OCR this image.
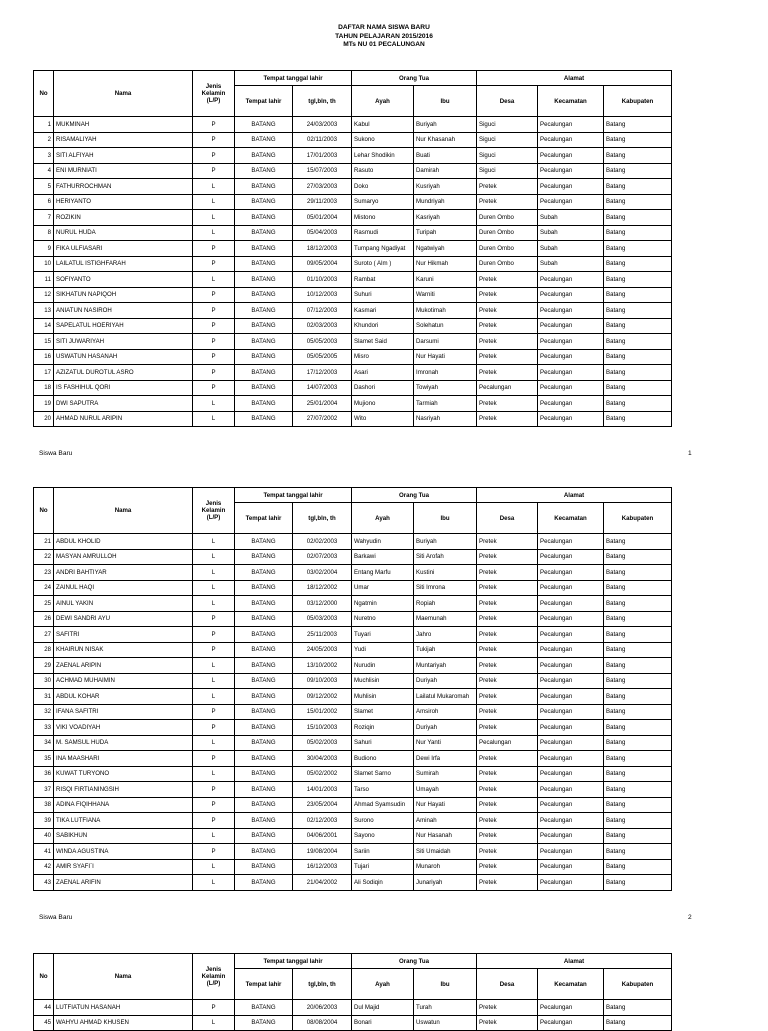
DAFTAR NAMA SISWA BARU
TAHUN PELAJARAN 2015/2016
MTs NU 01 PECALUNGAN
No	Nama	Jenis Kelamin (L/P)	Tempat tanggal lahir		Orang Tua		Alamat		
			Tempat lahir	tgl,bln, th	Ayah	Ibu	Desa	Kecamatan	Kabupaten
1	MUKMINAH	P	BATANG	24/03/2003	Kabul	Buriyah	Siguci	Pecalungan	Batang
2	RISAMALIYAH	P	BATANG	02/11/2003	Sukono	Nur Khasanah	Siguci	Pecalungan	Batang
3	SITI ALFIYAH	P	BATANG	17/01/2003	Lehar Shodikin	Buati	Siguci	Pecalungan	Batang
4	ENI MURNIATI	P	BATANG	15/07/2003	Rasuto	Damirah	Siguci	Pecalungan	Batang
5	FATHURROCHMAN	L	BATANG	27/03/2003	Doko	Kusriyah	Pretek	Pecalungan	Batang
6	HERIYANTO	L	BATANG	29/11/2003	Sumaryo	Mundriyah	Pretek	Pecalungan	Batang
7	ROZIKIN	L	BATANG	05/01/2004	Mistono	Kasriyah	Duren Ombo	Subah	Batang
8	NURUL HUDA	L	BATANG	05/04/2003	Rasmudi	Turipah	Duren Ombo	Subah	Batang
9	FIKA ULFIASARI	P	BATANG	18/12/2003	Tumpang Ngadiyat	Ngatwiyah	Duren Ombo	Subah	Batang
10	LAILATUL ISTIGHFARAH	P	BATANG	09/05/2004	Suroto ( Alm )	Nur Hikmah	Duren Ombo	Subah	Batang
11	SOFIYANTO	L	BATANG	01/10/2003	Rambat	Karuni	Pretek	Pecalungan	Batang
12	SIKHATUN NAPIQOH	P	BATANG	10/12/2003	Suhuri	Warniti	Pretek	Pecalungan	Batang
13	ANIATUN NASIROH	P	BATANG	07/12/2003	Kasmari	Mukotimah	Pretek	Pecalungan	Batang
14	SAPELATUL HOERIYAH	P	BATANG	02/03/2003	Khundori	Solehatun	Pretek	Pecalungan	Batang
15	SITI JUWARIYAH	P	BATANG	05/05/2003	Slamet Said	Darsumi	Pretek	Pecalungan	Batang
16	USWATUN HASANAH	P	BATANG	05/05/2005	Misro	Nur Hayati	Pretek	Pecalungan	Batang
17	AZIZATUL DUROTUL ASRO	P	BATANG	17/12/2003	Asari	Imronah	Pretek	Pecalungan	Batang
18	IS FASHIHUL QORI	P	BATANG	14/07/2003	Dashori	Towiyah	Pecalungan	Pecalungan	Batang
19	DWI SAPUTRA	L	BATANG	25/01/2004	Mujiono	Tarmiah	Pretek	Pecalungan	Batang
20	AHMAD NURUL ARIPIN	L	BATANG	27/07/2002	Wito	Nasriyah	Pretek	Pecalungan	Batang
Siswa Baru	1
No	Nama	Jenis Kelamin (L/P)	Tempat tanggal lahir		Orang Tua		Alamat		
			Tempat lahir	tgl,bln, th	Ayah	Ibu	Desa	Kecamatan	Kabupaten
21	ABDUL KHOLID	L	BATANG	02/02/2003	Wahyudin	Buriyah	Pretek	Pecalungan	Batang
22	MASYAN AMRULLOH	L	BATANG	02/07/2003	Barkawi	Siti Arofah	Pretek	Pecalungan	Batang
23	ANDRI BAHTIYAR	L	BATANG	03/02/2004	Entang Marfu	Kustini	Pretek	Pecalungan	Batang
24	ZAINUL HAQI	L	BATANG	18/12/2002	Umar	Siti Imrona	Pretek	Pecalungan	Batang
25	AINUL YAKIN	L	BATANG	03/12/2000	Ngatmin	Ropiah	Pretek	Pecalungan	Batang
26	DEWI SANDRI AYU	P	BATANG	05/03/2003	Nuretno	Maemunah	Pretek	Pecalungan	Batang
27	SAFITRI	P	BATANG	25/11/2003	Tuyari	Jahro	Pretek	Pecalungan	Batang
28	KHAIRUN NISAK	P	BATANG	24/05/2003	Yudi	Tukijah	Pretek	Pecalungan	Batang
29	ZAENAL ARIPIN	L	BATANG	13/10/2002	Nurudin	Muntariyah	Pretek	Pecalungan	Batang
30	ACHMAD MUHAIMIN	L	BATANG	09/10/2003	Muchlisin	Duriyah	Pretek	Pecalungan	Batang
31	ABDUL KOHAR	L	BATANG	09/12/2002	Muhlisin	Lailatul Mukaromah	Pretek	Pecalungan	Batang
32	IFANA SAFITRI	P	BATANG	15/01/2002	Slamet	Amsiroh	Pretek	Pecalungan	Batang
33	VIKI VOADIYAH	P	BATANG	15/10/2003	Roziqin	Duriyah	Pretek	Pecalungan	Batang
34	M. SAMSUL HUDA	L	BATANG	05/02/2003	Sahuri	Nur Yanti	Pecalungan	Pecalungan	Batang
35	INA MAASHARI	P	BATANG	30/04/2003	Budiono	Dewi Irfa	Pretek	Pecalungan	Batang
36	KUWAT TURYONO	L	BATANG	05/02/2002	Slamet Sarno	Sumirah	Pretek	Pecalungan	Batang
37	RISQI FIRTIANINGSIH	P	BATANG	14/01/2003	Tarso	Umayah	Pretek	Pecalungan	Batang
38	ADINA FIQIHHANA	P	BATANG	23/05/2004	Ahmad Syamsudin	Nur Hayati	Pretek	Pecalungan	Batang
39	TIKA LUTFIANA	P	BATANG	02/12/2003	Surono	Aminah	Pretek	Pecalungan	Batang
40	SABIKHUN	L	BATANG	04/06/2001	Sayono	Nur Hasanah	Pretek	Pecalungan	Batang
41	WINDA AGUSTINA	P	BATANG	19/08/2004	Sariin	Siti Umaidah	Pretek	Pecalungan	Batang
42	AMIR SYAFI`I	L	BATANG	16/12/2003	Tujari	Munaroh	Pretek	Pecalungan	Batang
43	ZAENAL ARIFIN	L	BATANG	21/04/2002	Ali Sodiqin	Junariyah	Pretek	Pecalungan	Batang
Siswa Baru	2
No	Nama	Jenis Kelamin (L/P)	Tempat tanggal lahir		Orang Tua		Alamat		
			Tempat lahir	tgl,bln, th	Ayah	Ibu	Desa	Kecamatan	Kabupaten
44	LUTFIATUN HASANAH	P	BATANG	20/06/2003	Dul Majid	Turah	Pretek	Pecalungan	Batang
45	WAHYU AHMAD KHUSEN	L	BATANG	08/08/2004	Bonari	Uswatun	Pretek	Pecalungan	Batang
